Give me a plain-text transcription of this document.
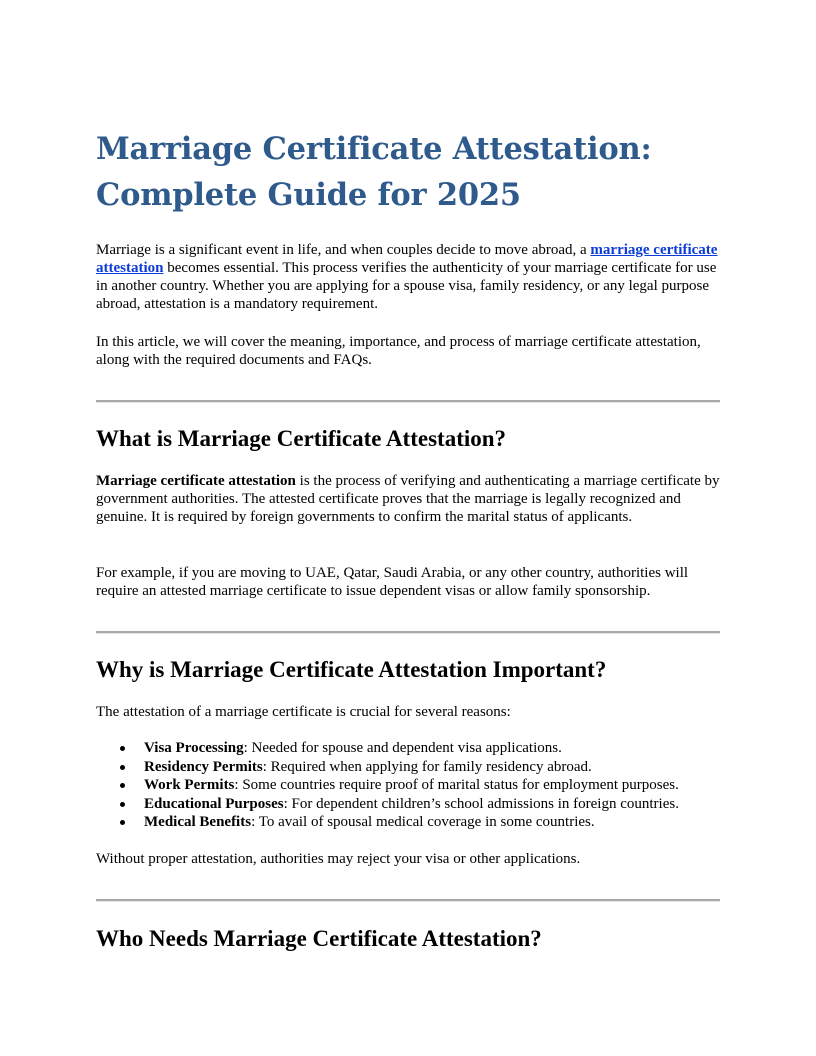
Marriage Certificate Attestation:
Complete Guide for 2025

Marriage is a significant event in life, and when couples decide to move abroad, a marriage certificate attestation becomes essential. This process verifies the authenticity of your marriage certificate for use in another country. Whether you are applying for a spouse visa, family residency, or any legal purpose abroad, attestation is a mandatory requirement.

In this article, we will cover the meaning, importance, and process of marriage certificate attestation, along with the required documents and FAQs.

What is Marriage Certificate Attestation?

Marriage certificate attestation is the process of verifying and authenticating a marriage certificate by government authorities. The attested certificate proves that the marriage is legally recognized and genuine. It is required by foreign governments to confirm the marital status of applicants.

For example, if you are moving to UAE, Qatar, Saudi Arabia, or any other country, authorities will require an attested marriage certificate to issue dependent visas or allow family sponsorship.

Why is Marriage Certificate Attestation Important?

The attestation of a marriage certificate is crucial for several reasons:

Visa Processing: Needed for spouse and dependent visa applications.
Residency Permits: Required when applying for family residency abroad.
Work Permits: Some countries require proof of marital status for employment purposes.
Educational Purposes: For dependent children’s school admissions in foreign countries.
Medical Benefits: To avail of spousal medical coverage in some countries.

Without proper attestation, authorities may reject your visa or other applications.

Who Needs Marriage Certificate Attestation?
